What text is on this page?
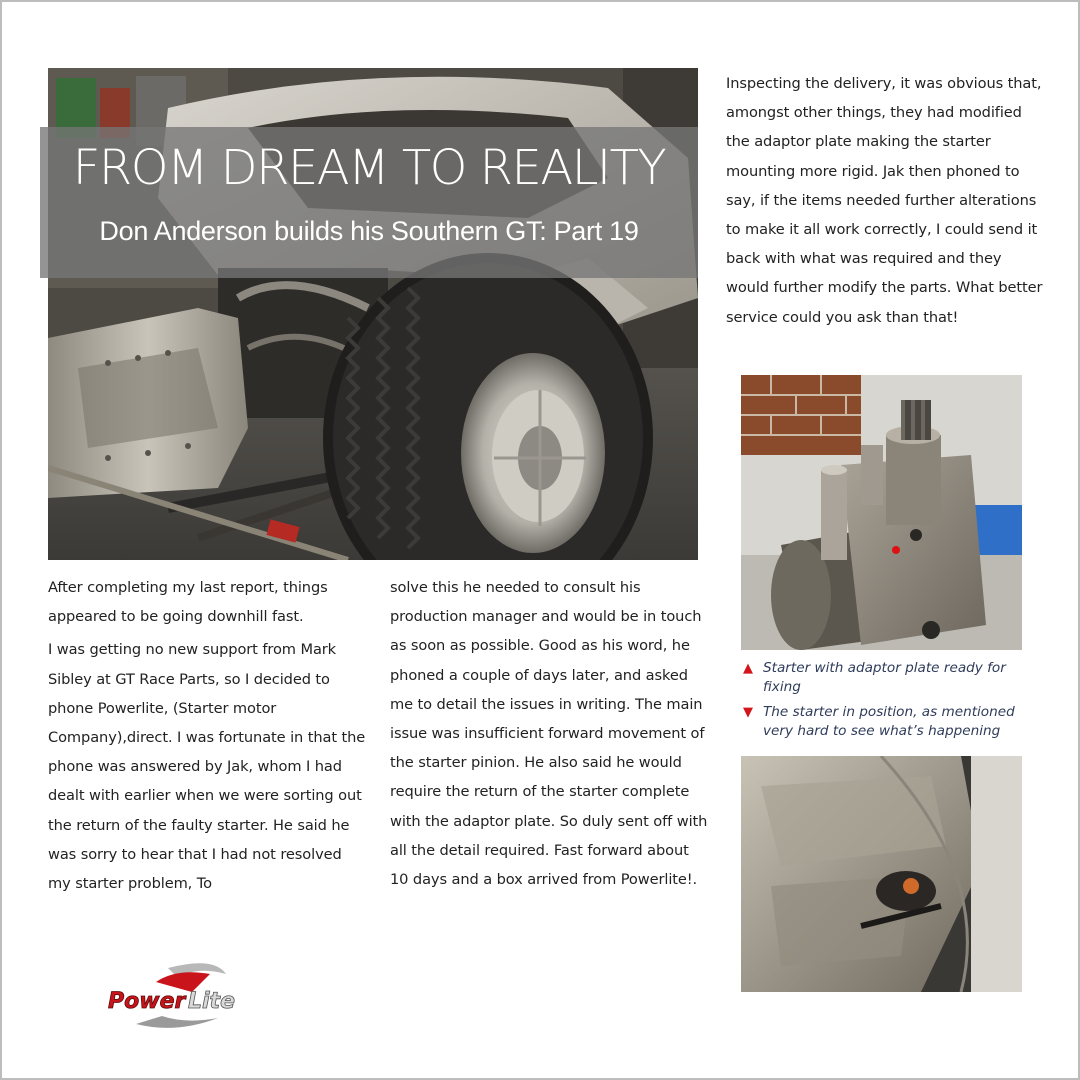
FROM DREAM TO REALITY
Don Anderson builds his Southern GT: Part 19

After completing my last report, things appeared to be going downhill fast.

I was getting no new support from Mark Sibley at GT Race Parts, so I decided to phone Powerlite, (Starter motor Company),direct. I was fortunate in that the phone was answered by Jak, whom I had dealt with earlier when we were sorting out the return of the faulty starter. He said he was sorry to hear that I had not resolved my starter problem, To

solve this he needed to consult his production manager and would be in touch as soon as possible. Good as his word, he phoned a couple of days later, and asked me to detail the issues in writing. The main issue was insufficient forward movement of the starter pinion. He also said he would require the return of the starter complete with the adaptor plate. So duly sent off with all the detail required. Fast forward about 10 days and a box arrived from Powerlite!.

Inspecting the delivery, it was obvious that, amongst other things, they had modified the adaptor plate making the starter mounting more rigid. Jak then phoned to say, if the items needed further alterations to make it all work correctly, I could send it back with what was required and they would further modify the parts. What better service could you ask than that!

▲ Starter with adaptor plate ready for fixing
▼ The starter in position, as mentioned very hard to see what’s happening
Power Lite
